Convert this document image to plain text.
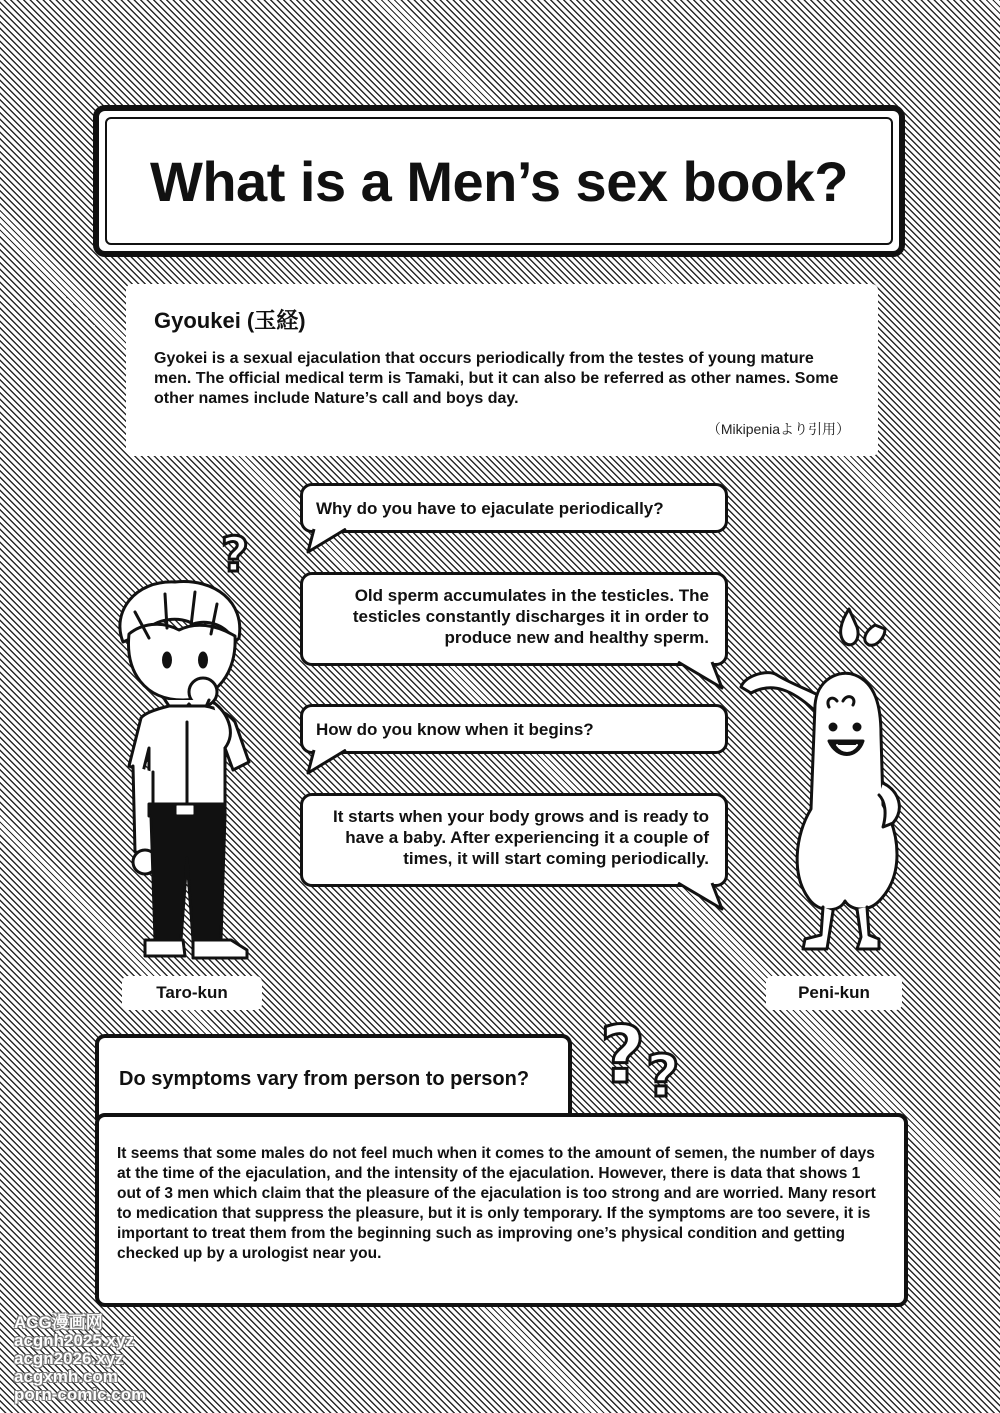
What is a Men’s sex book?
Gyoukei (玉経)
Gyokei is a sexual ejaculation that occurs periodically from the testes of young mature men. The official medical term is Tamaki, but it can also be referred as other names. Some other names include Nature’s call and boys day.
（Mikipeniaより引用）
Why do you have to ejaculate periodically?
Old sperm accumulates in the testicles. The testicles constantly discharges it in order to produce new and healthy sperm.
How do you know when it begins?
It starts when your body grows and is ready to have a baby. After experiencing it a couple of times, it will start coming periodically.
?
Taro-kun	Peni-kun
? ?
Do symptoms vary from person to person?
It seems that some males do not feel much when it comes to the amount of semen, the number of days at the time of the ejaculation, and the intensity of the ejaculation. However, there is data that shows 1 out of 3 men which claim that the pleasure of the ejaculation is too strong and are worried. Many resort to medication that suppress the pleasure, but it is only temporary. If the symptoms are too severe, it is important to treat them from the beginning such as improving one’s physical condition and getting checked up by a urologist near you.
ACG漫画网
acgnh2025.xyz
acgn2026.xyz
acgxmh.com
porn-comic.com
